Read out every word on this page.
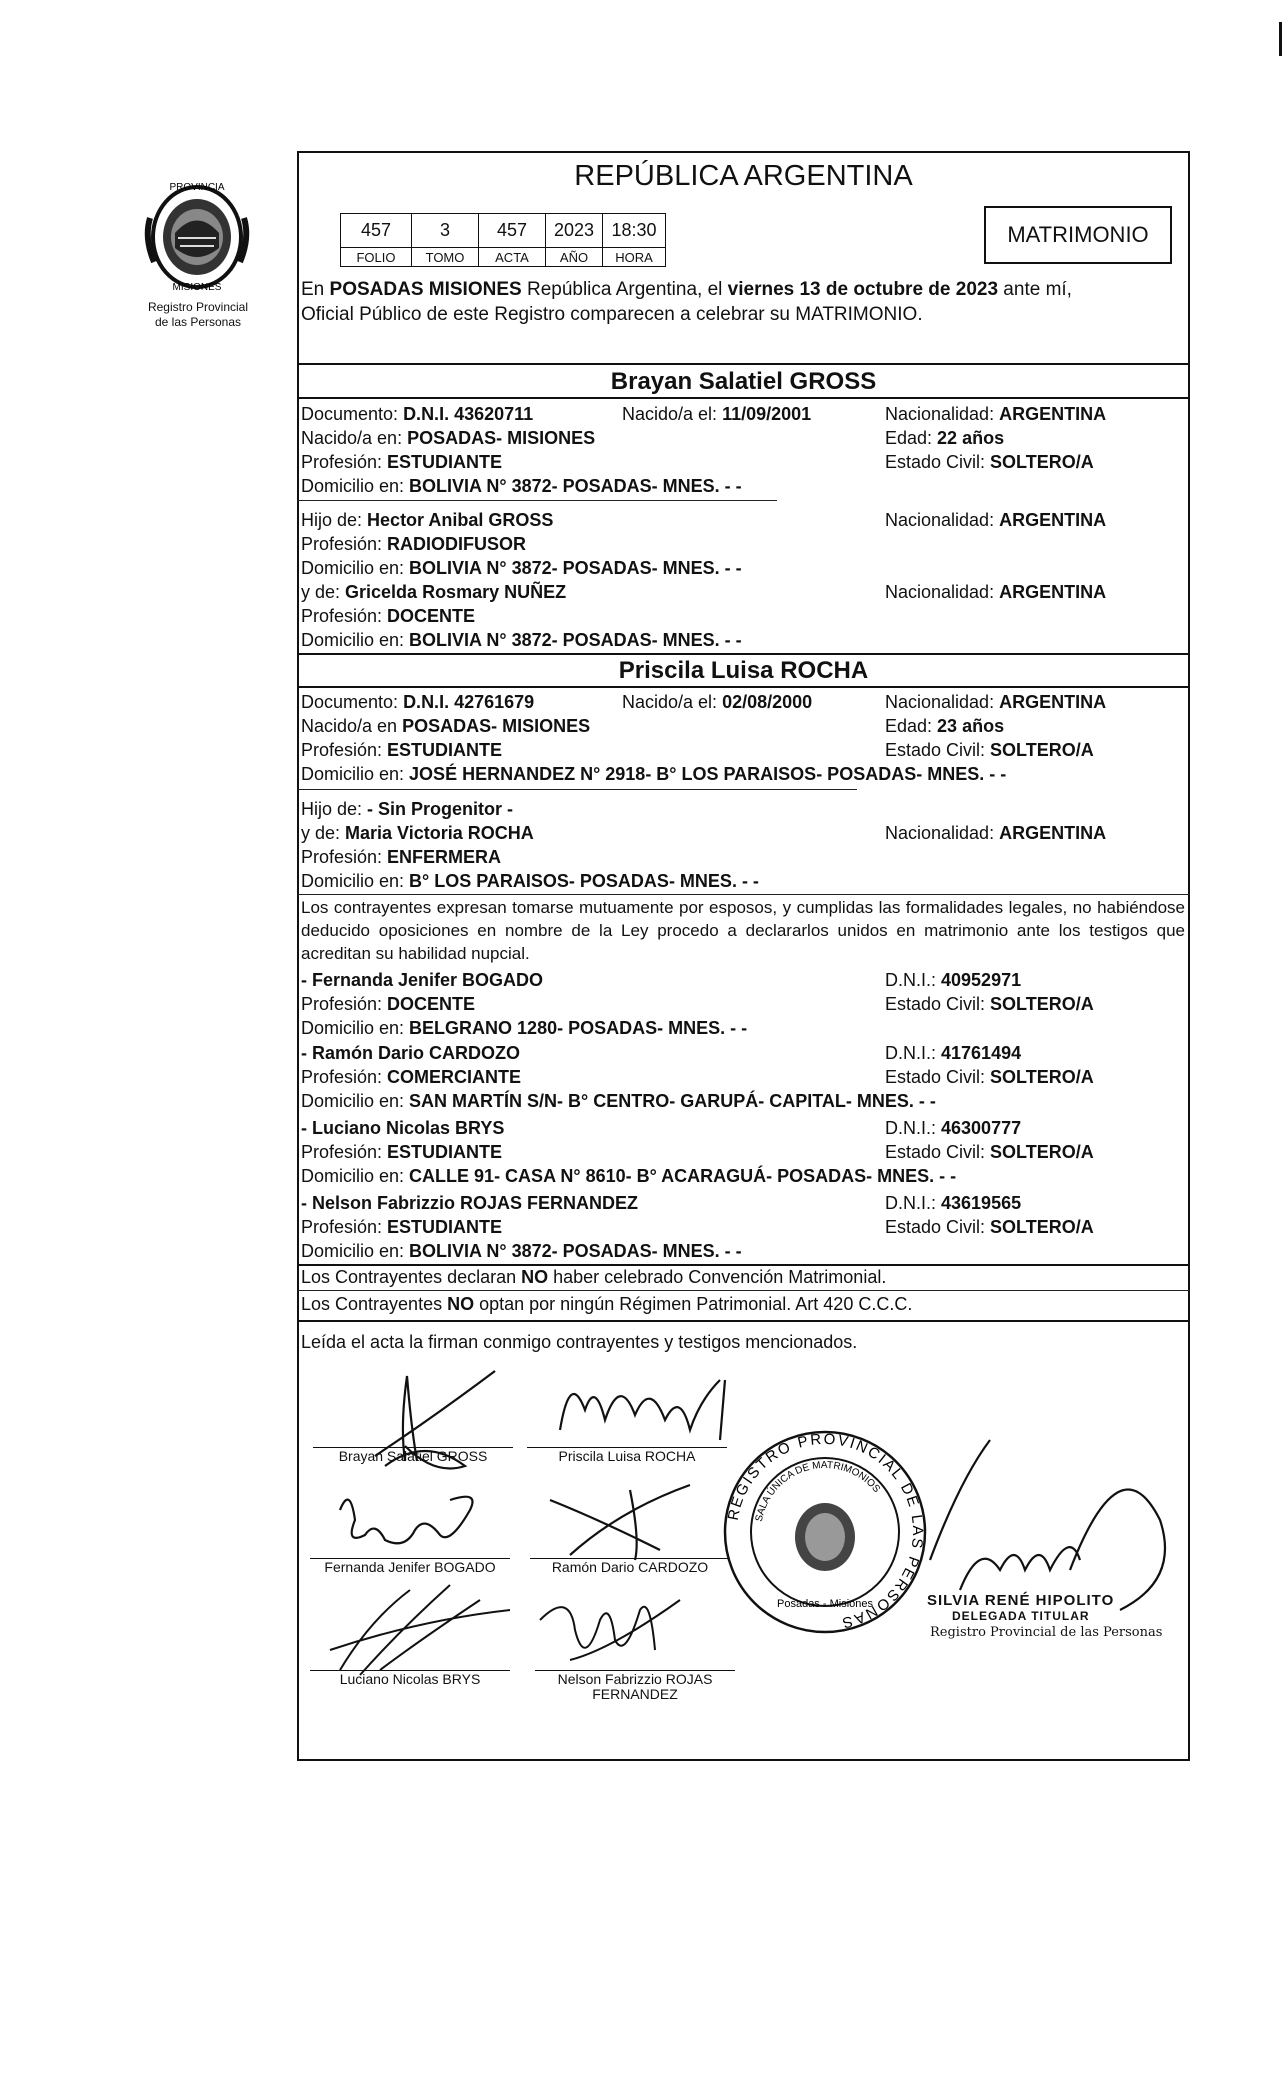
PROVINCIA
MISIONES
Registro Provincial
de las Personas
REPÚBLICA ARGENTINA
457	3	457	2023	18:30
FOLIO	TOMO	ACTA	AÑO	HORA
MATRIMONIO
En POSADAS MISIONES República Argentina, el viernes 13 de octubre de 2023 ante mí,
Oficial Público de este Registro comparecen a celebrar su MATRIMONIO.
Brayan Salatiel GROSS
Documento: D.N.I. 43620711	Nacido/a el: 11/09/2001	Nacionalidad: ARGENTINA
Nacido/a en: POSADAS- MISIONES	Edad: 22 años
Profesión: ESTUDIANTE	Estado Civil: SOLTERO/A
Domicilio en: BOLIVIA N° 3872- POSADAS- MNES. - -
Hijo de: Hector Anibal GROSS	Nacionalidad: ARGENTINA
Profesión: RADIODIFUSOR
Domicilio en: BOLIVIA N° 3872- POSADAS- MNES. - -
y de: Gricelda Rosmary NUÑEZ	Nacionalidad: ARGENTINA
Profesión: DOCENTE
Domicilio en: BOLIVIA N° 3872- POSADAS- MNES. - -
Priscila Luisa ROCHA
Documento: D.N.I. 42761679	Nacido/a el: 02/08/2000	Nacionalidad: ARGENTINA
Nacido/a en POSADAS- MISIONES	Edad: 23 años
Profesión: ESTUDIANTE	Estado Civil: SOLTERO/A
Domicilio en: JOSÉ HERNANDEZ N° 2918- B° LOS PARAISOS- POSADAS- MNES. - -
Hijo de: - Sin Progenitor -
y de: Maria Victoria ROCHA	Nacionalidad: ARGENTINA
Profesión: ENFERMERA
Domicilio en: B° LOS PARAISOS- POSADAS- MNES. - -
Los contrayentes expresan tomarse mutuamente por esposos, y cumplidas las formalidades legales, no habiéndose deducido oposiciones en nombre de la Ley procedo a declararlos unidos en matrimonio ante los testigos que acreditan su habilidad nupcial.
- Fernanda Jenifer BOGADO	D.N.I.: 40952971
Profesión: DOCENTE	Estado Civil: SOLTERO/A
Domicilio en: BELGRANO 1280- POSADAS- MNES. - -
- Ramón Dario CARDOZO	D.N.I.: 41761494
Profesión: COMERCIANTE	Estado Civil: SOLTERO/A
Domicilio en: SAN MARTÍN S/N- B° CENTRO- GARUPÁ- CAPITAL- MNES. - -
- Luciano Nicolas BRYS	D.N.I.: 46300777
Profesión: ESTUDIANTE	Estado Civil: SOLTERO/A
Domicilio en: CALLE 91- CASA N° 8610- B° ACARAGUÁ- POSADAS- MNES. - -
- Nelson Fabrizzio ROJAS FERNANDEZ	D.N.I.: 43619565
Profesión: ESTUDIANTE	Estado Civil: SOLTERO/A
Domicilio en: BOLIVIA N° 3872- POSADAS- MNES. - -
Los Contrayentes declaran NO haber celebrado Convención Matrimonial.
Los Contrayentes NO optan por ningún Régimen Patrimonial. Art 420 C.C.C.
Leída el acta la firman conmigo contrayentes y testigos mencionados.
Brayan Salatiel GROSS	Priscila Luisa ROCHA
Fernanda Jenifer BOGADO	Ramón Dario CARDOZO
Luciano Nicolas BRYS	Nelson Fabrizzio ROJAS
FERNANDEZ
REGISTRO PROVINCIAL DE LAS PERSONAS
SALA ÚNICA DE MATRIMONIOS
Posadas - Misiones	SILVIA RENÉ HIPOLITO
DELEGADA TITULAR
Registro Provincial de las Personas
